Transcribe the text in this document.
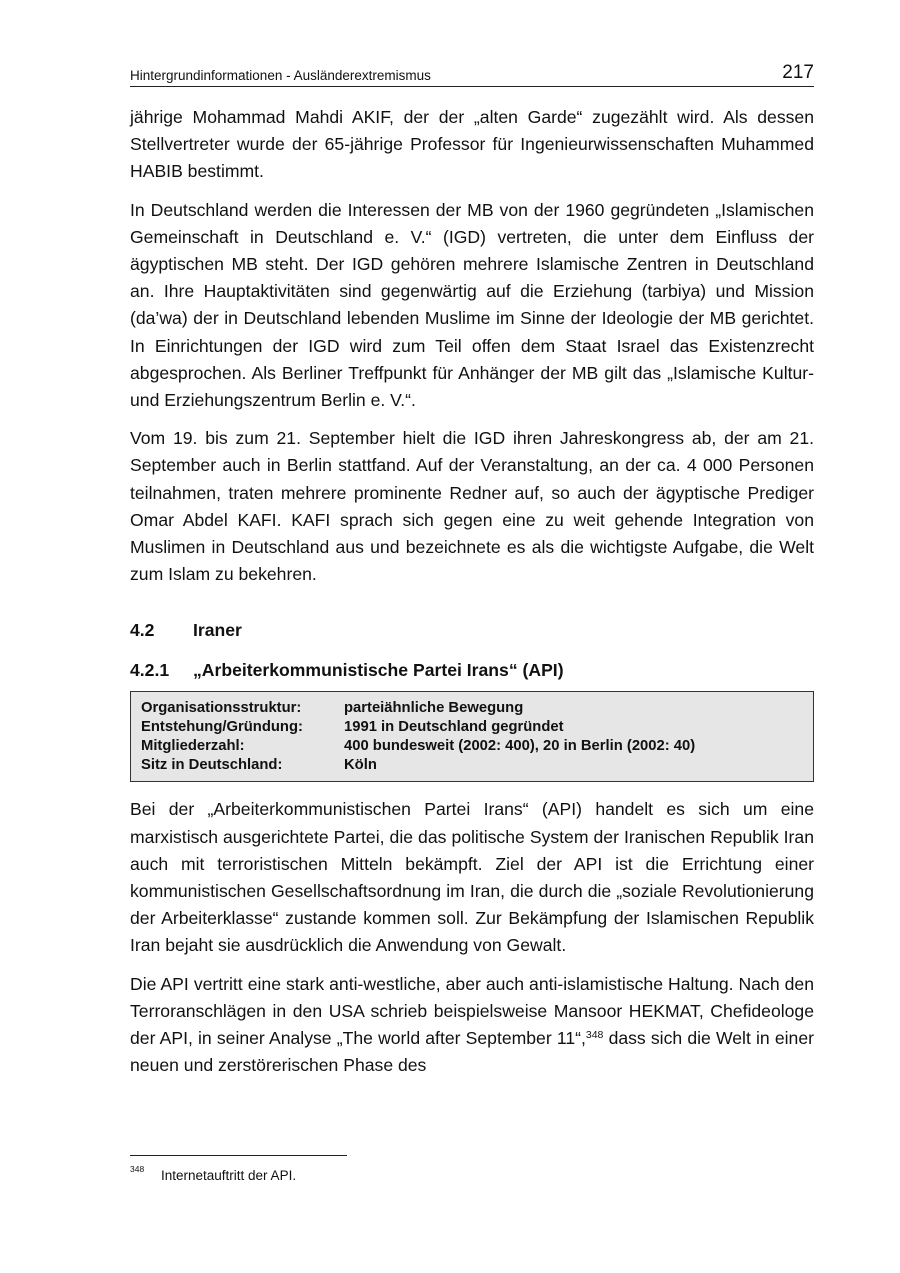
Hintergrundinformationen - Ausländerextremismus	217

jährige Mohammad Mahdi AKIF, der der „alten Garde“ zugezählt wird. Als dessen Stellvertreter wurde der 65-jährige Professor für Ingenieurwissenschaften Muhammed HABIB bestimmt.

In Deutschland werden die Interessen der MB von der 1960 gegründeten „Islamischen Gemeinschaft in Deutschland e. V.“ (IGD) vertreten, die unter dem Einfluss der ägyptischen MB steht. Der IGD gehören mehrere Islamische Zentren in Deutschland an. Ihre Hauptaktivitäten sind gegenwärtig auf die Erziehung (tarbiya) und Mission (da’wa) der in Deutschland lebenden Muslime im Sinne der Ideologie der MB gerichtet. In Einrichtungen der IGD wird zum Teil offen dem Staat Israel das Existenzrecht abgesprochen. Als Berliner Treffpunkt für Anhänger der MB gilt das „Islamische Kultur- und Erziehungszentrum Berlin e. V.“.

Vom 19. bis zum 21. September hielt die IGD ihren Jahreskongress ab, der am 21. September auch in Berlin stattfand. Auf der Veranstaltung, an der ca. 4 000 Personen teilnahmen, traten mehrere prominente Redner auf, so auch der ägyptische Prediger Omar Abdel KAFI. KAFI sprach sich gegen eine zu weit gehende Integration von Muslimen in Deutschland aus und bezeichnete es als die wichtigste Aufgabe, die Welt zum Islam zu bekehren.

4.2 Iraner
4.2.1 „Arbeiterkommunistische Partei Irans“ (API)
Organisationsstruktur:	parteiähnliche Bewegung
Entstehung/Gründung:	1991 in Deutschland gegründet
Mitgliederzahl:	400 bundesweit (2002: 400), 20 in Berlin (2002: 40)
Sitz in Deutschland:	Köln

Bei der „Arbeiterkommunistischen Partei Irans“ (API) handelt es sich um eine marxistisch ausgerichtete Partei, die das politische System der Iranischen Republik Iran auch mit terroristischen Mitteln bekämpft. Ziel der API ist die Errichtung einer kommunistischen Gesellschaftsordnung im Iran, die durch die „soziale Revolutionierung der Arbeiterklasse“ zustande kommen soll. Zur Bekämpfung der Islamischen Republik Iran bejaht sie ausdrücklich die Anwendung von Gewalt.

Die API vertritt eine stark anti-westliche, aber auch anti-islamistische Haltung. Nach den Terroranschlägen in den USA schrieb beispielsweise Mansoor HEKMAT, Chefideologe der API, in seiner Analyse „The world after September 11“,$^{348}$ dass sich die Welt in einer neuen und zerstörerischen Phase des

$^{348}$	Internetauftritt der API.
